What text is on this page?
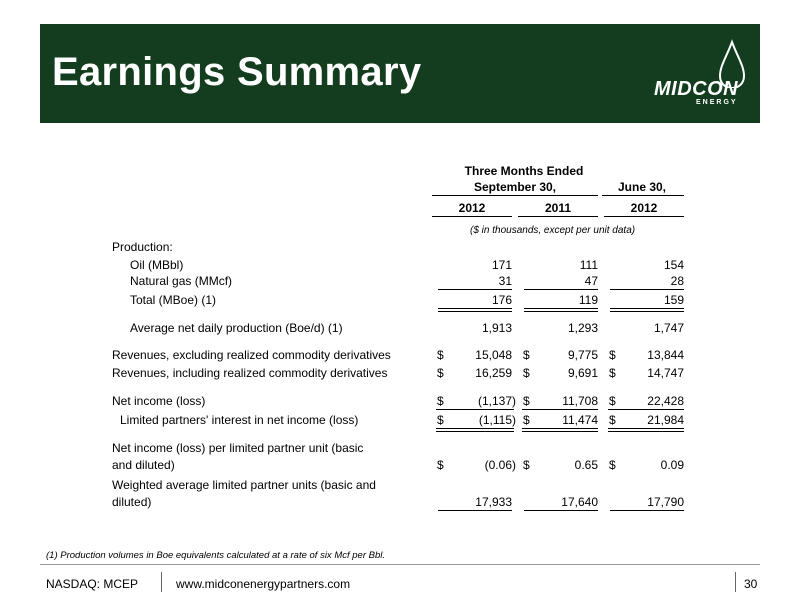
Earnings Summary	MIDCON
ENERGY
Three Months Ended
September 30,	June 30,
2012	2011	2012
($ in thousands, except per unit data)
Production:
Oil (MBbl)	171	111	154
Natural gas (MMcf)	31	47	28
Total (MBoe) (1)	176	119	159
Average net daily production (Boe/d) (1)	1,913	1,293	1,747
Revenues, excluding realized commodity derivatives	$	15,048 $	9,775 $	13,844
Revenues, including realized commodity derivatives	$	16,259 $	9,691 $	14,747
Net income (loss)	$	(1,137) $	11,708 $	22,428
Limited partners' interest in net income (loss)	$	(1,115) $	11,474 $	21,984
Net income (loss) per limited partner unit (basic
and diluted)	$	(0.06) $	0.65 $	0.09
Weighted average limited partner units (basic and
diluted)	17,933	17,640	17,790
(1) Production volumes in Boe equivalents calculated at a rate of six Mcf per Bbl.
NASDAQ: MCEP	www.midconenergypartners.com	30
